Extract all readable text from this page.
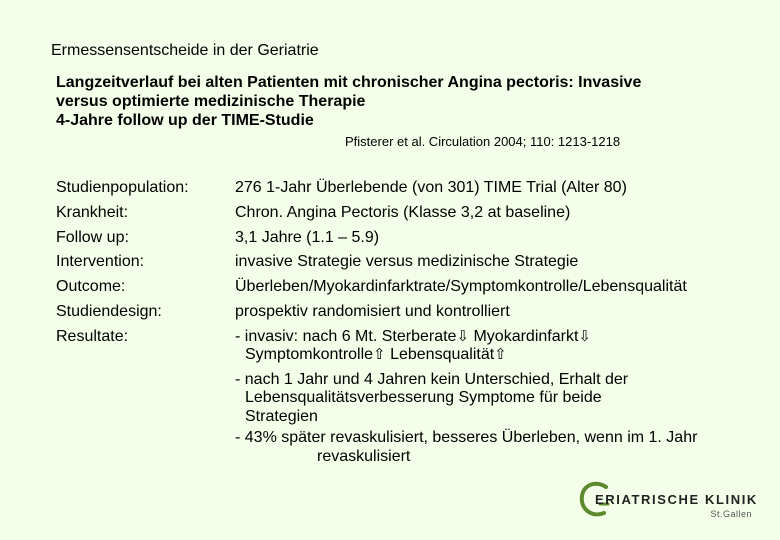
Ermessensentscheide in der Geriatrie
Langzeitverlauf bei alten Patienten mit chronischer Angina pectoris: Invasive
versus optimierte medizinische Therapie
4-Jahre follow up der TIME-Studie
Pfisterer et al. Circulation 2004; 110: 1213-1218
Studienpopulation:
Krankheit:
Follow up:
Intervention:
Outcome:
Studiendesign:
Resultate:
276 1-Jahr Überlebende (von 301) TIME Trial (Alter 80)
Chron. Angina Pectoris (Klasse 3,2 at baseline)
3,1 Jahre (1.1 – 5.9)
invasive Strategie versus medizinische Strategie
Überleben/Myokardinfarktrate/Symptomkontrolle/Lebensqualität
prospektiv randomisiert und kontrolliert
- invasiv: nach 6 Mt. Sterberate⇩ Myokardinfarkt⇩
Symptomkontrolle⇧ Lebensqualität⇧
- nach 1 Jahr und 4 Jahren kein Unterschied, Erhalt der
Lebensqualitätsverbesserung Symptome für beide
Strategien
- 43% später revaskulisiert, besseres Überleben, wenn im 1. Jahr
revaskulisiert
ERIATRISCHE KLINIK
St.Gallen
